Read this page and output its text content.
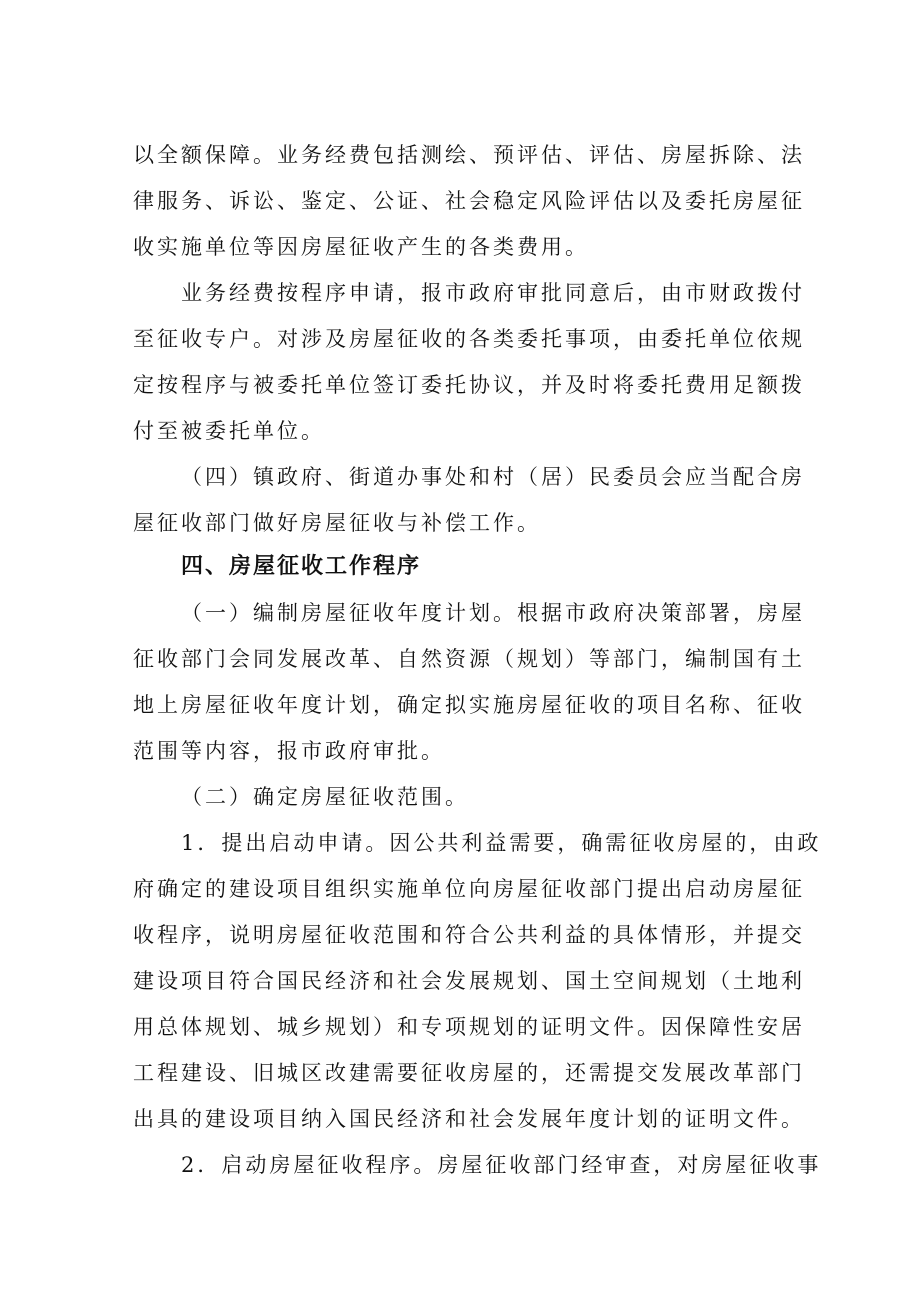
以全额保障。业务经费包括测绘、预评估、评估、房屋拆除、法
律服务、诉讼、鉴定、公证、社会稳定风险评估以及委托房屋征
收实施单位等因房屋征收产生的各类费用。
业务经费按程序申请，报市政府审批同意后，由市财政拨付
至征收专户。对涉及房屋征收的各类委托事项，由委托单位依规
定按程序与被委托单位签订委托协议，并及时将委托费用足额拨
付至被委托单位。
（四）镇政府、街道办事处和村（居）民委员会应当配合房
屋征收部门做好房屋征收与补偿工作。
四、房屋征收工作程序
（一）编制房屋征收年度计划。根据市政府决策部署，房屋
征收部门会同发展改革、自然资源（规划）等部门，编制国有土
地上房屋征收年度计划，确定拟实施房屋征收的项目名称、征收
范围等内容，报市政府审批。
（二）确定房屋征收范围。
1．提出启动申请。因公共利益需要，确需征收房屋的，由政
府确定的建设项目组织实施单位向房屋征收部门提出启动房屋征
收程序，说明房屋征收范围和符合公共利益的具体情形，并提交
建设项目符合国民经济和社会发展规划、国土空间规划（土地利
用总体规划、城乡规划）和专项规划的证明文件。因保障性安居
工程建设、旧城区改建需要征收房屋的，还需提交发展改革部门
出具的建设项目纳入国民经济和社会发展年度计划的证明文件。
2．启动房屋征收程序。房屋征收部门经审查，对房屋征收事
